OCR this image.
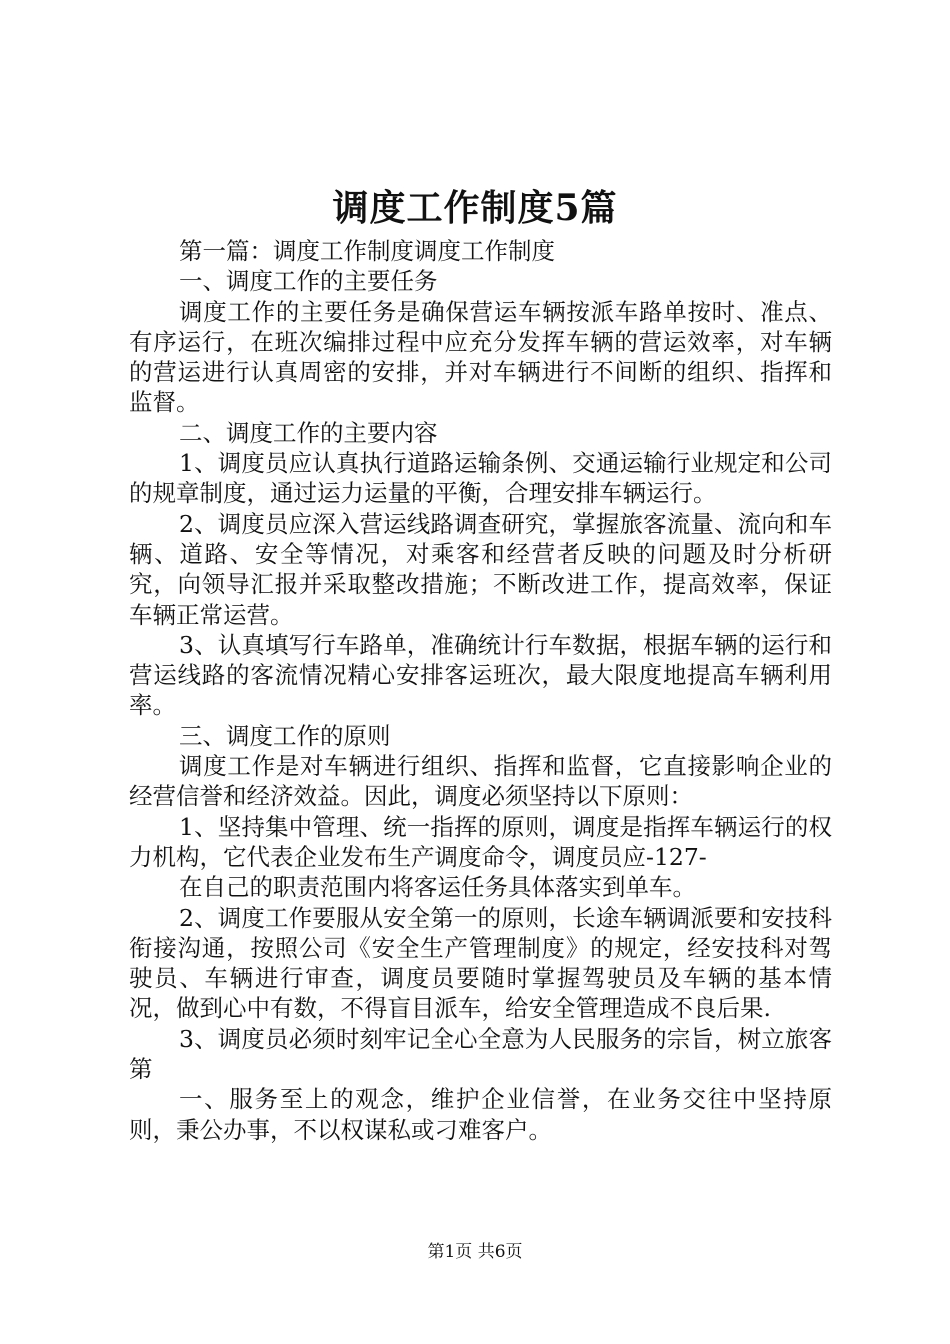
调度工作制度5篇

第一篇：调度工作制度调度工作制度

一、调度工作的主要任务

调度工作的主要任务是确保营运车辆按派车路单按时、准点、有序运行，在班次编排过程中应充分发挥车辆的营运效率，对车辆的营运进行认真周密的安排，并对车辆进行不间断的组织、指挥和监督。

二、调度工作的主要内容

1、调度员应认真执行道路运输条例、交通运输行业规定和公司的规章制度，通过运力运量的平衡，合理安排车辆运行。

2、调度员应深入营运线路调查研究，掌握旅客流量、流向和车辆、道路、安全等情况，对乘客和经营者反映的问题及时分析研究，向领导汇报并采取整改措施；不断改进工作，提高效率，保证车辆正常运营。

3、认真填写行车路单，准确统计行车数据，根据车辆的运行和营运线路的客流情况精心安排客运班次，最大限度地提高车辆利用率。

三、调度工作的原则

调度工作是对车辆进行组织、指挥和监督，它直接影响企业的经营信誉和经济效益。因此，调度必须坚持以下原则：

1、坚持集中管理、统一指挥的原则，调度是指挥车辆运行的权力机构，它代表企业发布生产调度命令，调度员应-127-

在自己的职责范围内将客运任务具体落实到单车。

2、调度工作要服从安全第一的原则，长途车辆调派要和安技科衔接沟通，按照公司《安全生产管理制度》的规定，经安技科对驾驶员、车辆进行审查，调度员要随时掌握驾驶员及车辆的基本情况，做到心中有数，不得盲目派车，给安全管理造成不良后果.

3、调度员必须时刻牢记全心全意为人民服务的宗旨，树立旅客第

一、服务至上的观念，维护企业信誉，在业务交往中坚持原则，秉公办事，不以权谋私或刁难客户。

第1页 共6页
